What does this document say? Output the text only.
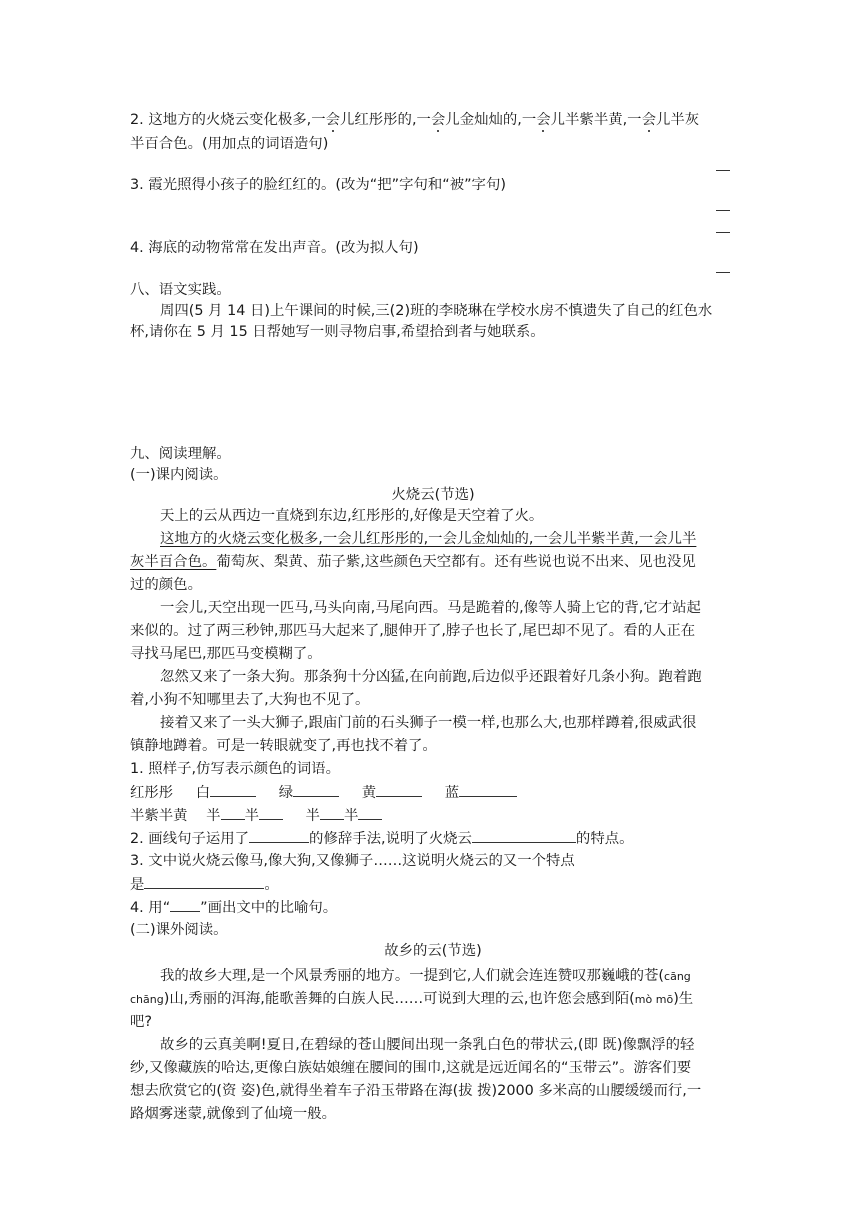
2. 这地方的火烧云变化极多,一会儿红彤彤的,一会儿金灿灿的,一会儿半紫半黄,一会儿半灰
半百合色。(用加点的词语造句)
3. 霞光照得小孩子的脸红红的。(改为“把”字句和“被”字句)
4. 海底的动物常常在发出声音。(改为拟人句)
八、语文实践。
周四(5 月 14 日)上午课间的时候,三(2)班的李晓琳在学校水房不慎遗失了自己的红色水
杯,请你在 5 月 15 日帮她写一则寻物启事,希望拾到者与她联系。
九、阅读理解。
(一)课内阅读。
火烧云(节选)
天上的云从西边一直烧到东边,红彤彤的,好像是天空着了火。
这地方的火烧云变化极多,一会儿红彤彤的,一会儿金灿灿的,一会儿半紫半黄,一会儿半
灰半百合色。葡萄灰、梨黄、茄子紫,这些颜色天空都有。还有些说也说不出来、见也没见
过的颜色。
一会儿,天空出现一匹马,马头向南,马尾向西。马是跪着的,像等人骑上它的背,它才站起
来似的。过了两三秒钟,那匹马大起来了,腿伸开了,脖子也长了,尾巴却不见了。看的人正在
寻找马尾巴,那匹马变模糊了。
忽然又来了一条大狗。那条狗十分凶猛,在向前跑,后边似乎还跟着好几条小狗。跑着跑
着,小狗不知哪里去了,大狗也不见了。
接着又来了一头大狮子,跟庙门前的石头狮子一模一样,也那么大,也那样蹲着,很威武很
镇静地蹲着。可是一转眼就变了,再也找不着了。
1. 照样子,仿写表示颜色的词语。
红彤彤 白	绿	黄	蓝
半紫半黄 半 半	半 半
2. 画线句子运用了	的修辞手法,说明了火烧云	的特点。
3. 文中说火烧云像马,像大狗,又像狮子……这说明火烧云的又一个特点
是	。
4. 用“ ”画出文中的比喻句。
(二)课外阅读。
故乡的云(节选)
我的故乡大理,是一个风景秀丽的地方。一提到它,人们就会连连赞叹那巍峨的苍(cāng
chāng)山,秀丽的洱海,能歌善舞的白族人民……可说到大理的云,也许您会感到陌(mò mō)生
吧?
故乡的云真美啊!夏日,在碧绿的苍山腰间出现一条乳白色的带状云,(即 既)像飘浮的轻
纱,又像藏族的哈达,更像白族姑娘缠在腰间的围巾,这就是远近闻名的“玉带云”。游客们要
想去欣赏它的(资 姿)色,就得坐着车子沿玉带路在海(拔 拨)2000 多米高的山腰缓缓而行,一
路烟雾迷蒙,就像到了仙境一般。
